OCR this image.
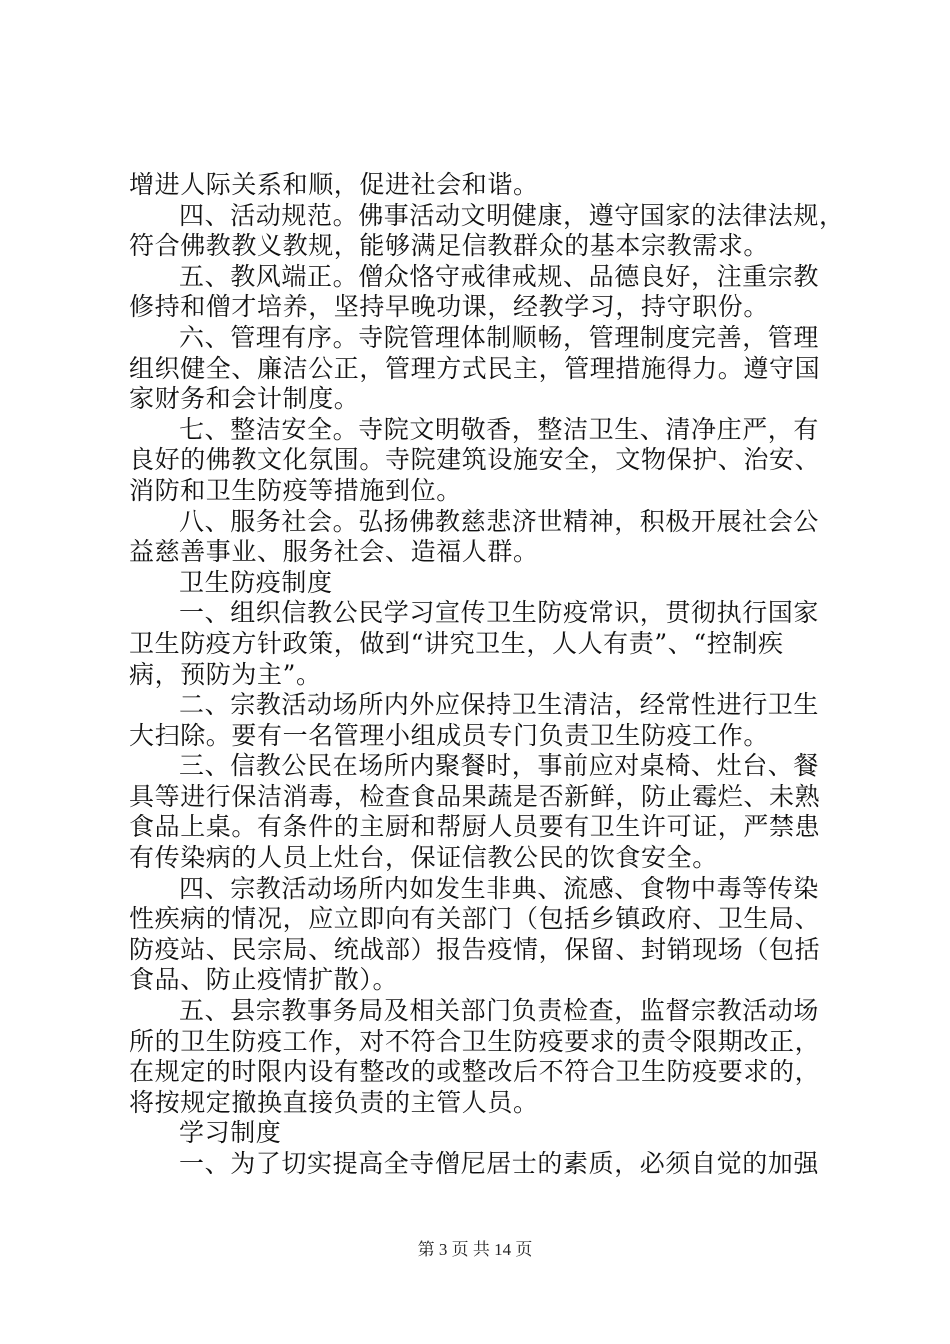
增进人际关系和顺，促进社会和谐。
四、活动规范。佛事活动文明健康，遵守国家的法律法规，
符合佛教教义教规，能够满足信教群众的基本宗教需求。
五、教风端正。僧众恪守戒律戒规、品德良好，注重宗教
修持和僧才培养，坚持早晚功课，经教学习，持守职份。
六、管理有序。寺院管理体制顺畅，管理制度完善，管理
组织健全、廉洁公正，管理方式民主，管理措施得力。遵守国
家财务和会计制度。
七、整洁安全。寺院文明敬香，整洁卫生、清净庄严，有
良好的佛教文化氛围。寺院建筑设施安全，文物保护、治安、
消防和卫生防疫等措施到位。
八、服务社会。弘扬佛教慈悲济世精神，积极开展社会公
益慈善事业、服务社会、造福人群。
卫生防疫制度
一、组织信教公民学习宣传卫生防疫常识，贯彻执行国家
卫生防疫方针政策，做到“讲究卫生，人人有责”、“控制疾
病，预防为主”。
二、宗教活动场所内外应保持卫生清洁，经常性进行卫生
大扫除。要有一名管理小组成员专门负责卫生防疫工作。
三、信教公民在场所内聚餐时，事前应对桌椅、灶台、餐
具等进行保洁消毒，检查食品果蔬是否新鲜，防止霉烂、未熟
食品上桌。有条件的主厨和帮厨人员要有卫生许可证，严禁患
有传染病的人员上灶台，保证信教公民的饮食安全。
四、宗教活动场所内如发生非典、流感、食物中毒等传染
性疾病的情况，应立即向有关部门（包括乡镇政府、卫生局、
防疫站、民宗局、统战部）报告疫情，保留、封销现场（包括
食品、防止疫情扩散）。
五、县宗教事务局及相关部门负责检查，监督宗教活动场
所的卫生防疫工作，对不符合卫生防疫要求的责令限期改正，
在规定的时限内设有整改的或整改后不符合卫生防疫要求的，
将按规定撤换直接负责的主管人员。
学习制度
一、为了切实提高全寺僧尼居士的素质，必须自觉的加强
第 3 页 共 14 页
